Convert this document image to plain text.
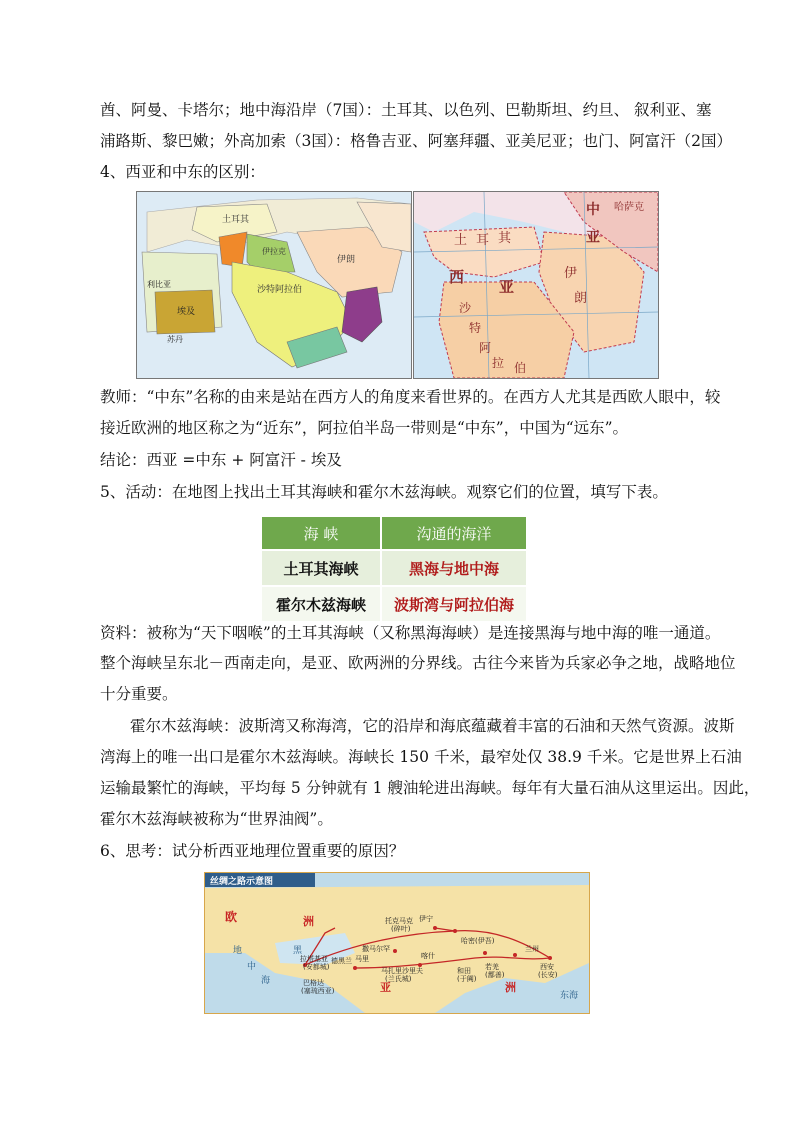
酋、阿曼、卡塔尔；地中海沿岸（7国）：土耳其、以色列、巴勒斯坦、约旦、 叙利亚、塞
浦路斯、黎巴嫩；外高加索（3国）：格鲁吉亚、阿塞拜疆、亚美尼亚；也门、阿富汗（2国）
4、西亚和中东的区别：
埃及
利比亚
苏丹
沙特阿拉伯
伊朗
伊拉克
土耳其
土 耳 其
西
亚
伊
朗
沙
特
阿
拉 伯
中
亚
哈萨克
教师：“中东”名称的由来是站在西方人的角度来看世界的。在西方人尤其是西欧人眼中，较
接近欧洲的地区称之为“近东”，阿拉伯半岛一带则是“中东”，中国为“远东”。
结论：西亚 =中东 + 阿富汗 - 埃及
5、活动：在地图上找出土耳其海峡和霍尔木兹海峡。观察它们的位置，填写下表。
海 峡	沟通的海洋
土耳其海峡	黑海与地中海
霍尔木兹海峡	波斯湾与阿拉伯海
资料：被称为“天下咽喉”的土耳其海峡（又称黑海海峡）是连接黑海与地中海的唯一通道。
整个海峡呈东北－西南走向，是亚、欧两洲的分界线。古往今来皆为兵家必争之地，战略地位
十分重要。
霍尔木兹海峡：波斯湾又称海湾，它的沿岸和海底蕴藏着丰富的石油和天然气资源。波斯
湾海上的唯一出口是霍尔木兹海峡。海峡长 150 千米，最窄处仅 38.9 千米。它是世界上石油
运输最繁忙的海峡，平均每 5 分钟就有 1 艘油轮进出海峡。每年有大量石油从这里运出。因此，
霍尔木兹海峡被称为“世界油阀”。
6、思考：试分析西亚地理位置重要的原因？
丝绸之路示意图
欧	洲
亚	洲
黑
地
中
海
托克马克
(碎叶)
伊宁
撒马尔罕
哈密(伊吾)
喀什
拉塔基亚
(安都城)
德黑兰 马里
巴格达
(塞琉西亚)
马扎里沙里夫
(兰氏城)
和田
(于阗)
若羌
(鄯善)
兰州
西安
(长安)
东海
